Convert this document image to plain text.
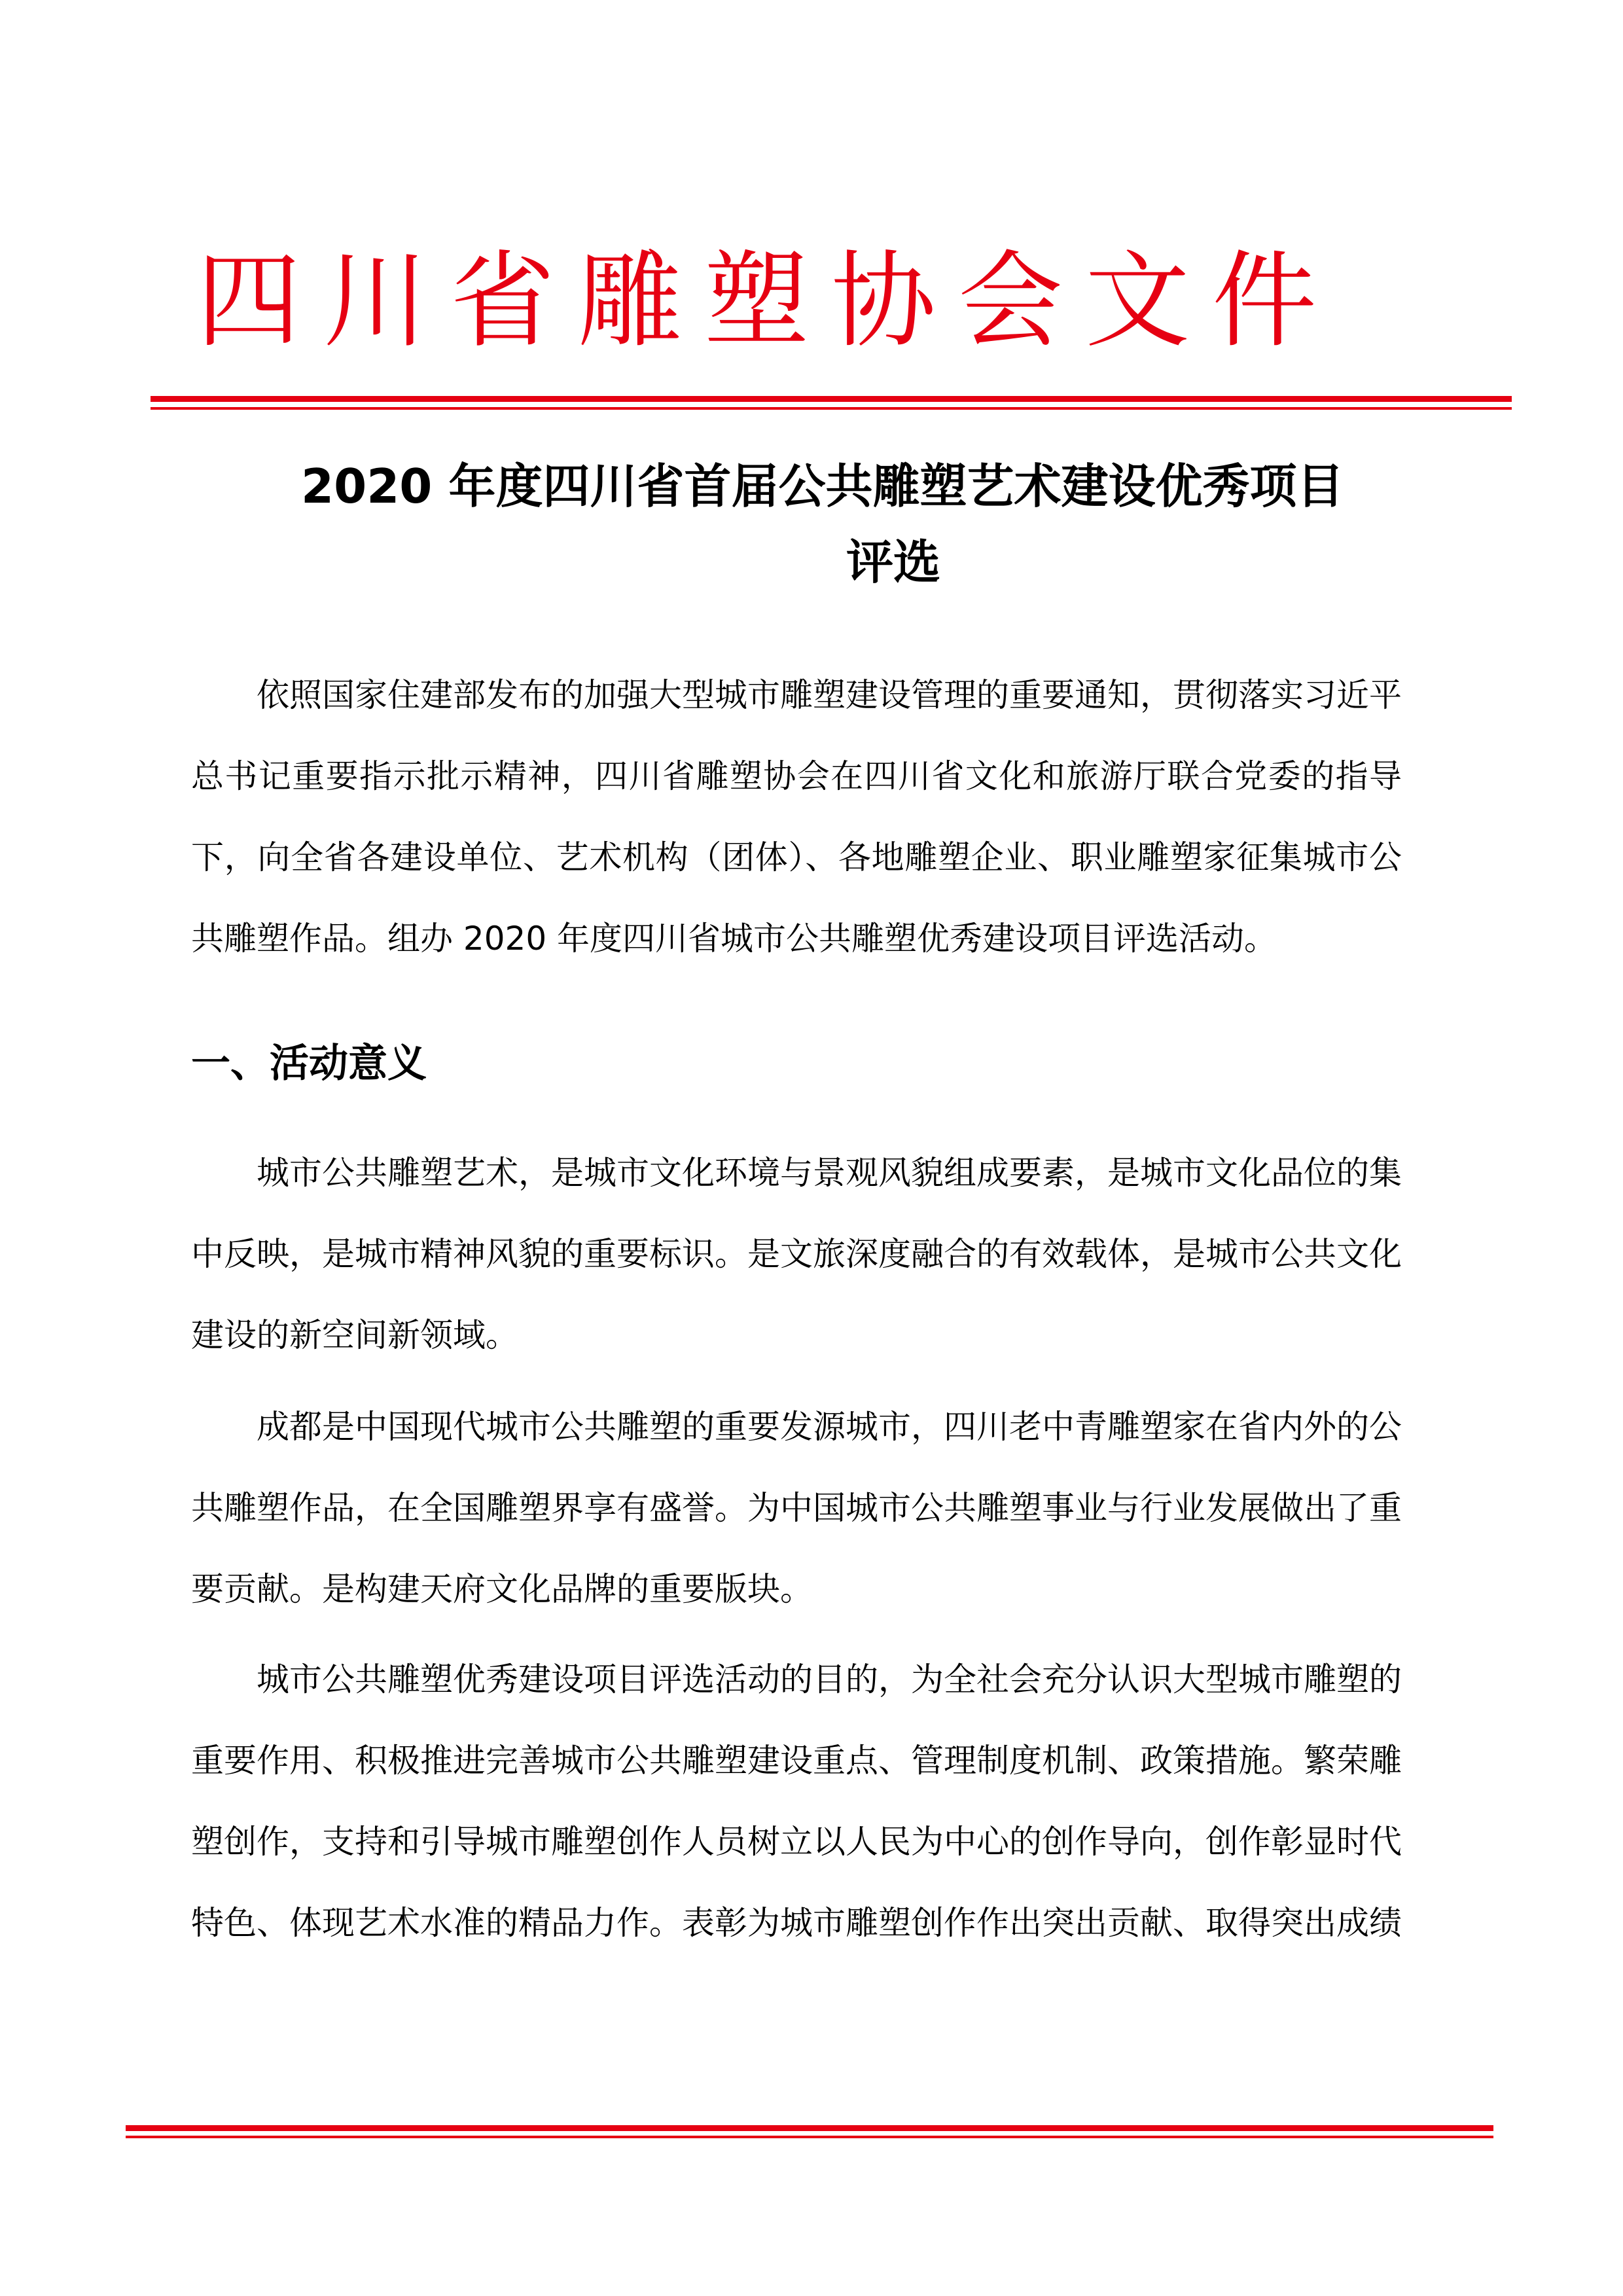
四川省雕塑协会文件
2020 年度四川省首届公共雕塑艺术建设优秀项目
评选

依照国家住建部发布的加强大型城市雕塑建设管理的重要通知，贯彻落实习近平总书记重要指示批示精神，四川省雕塑协会在四川省文化和旅游厅联合党委的指导下，向全省各建设单位、艺术机构（团体）、各地雕塑企业、职业雕塑家征集城市公共雕塑作品。组办 2020 年度四川省城市公共雕塑优秀建设项目评选活动。

一、活动意义

城市公共雕塑艺术，是城市文化环境与景观风貌组成要素，是城市文化品位的集中反映，是城市精神风貌的重要标识。是文旅深度融合的有效载体，是城市公共文化建设的新空间新领域。

成都是中国现代城市公共雕塑的重要发源城市，四川老中青雕塑家在省内外的公共雕塑作品，在全国雕塑界享有盛誉。为中国城市公共雕塑事业与行业发展做出了重要贡献。是构建天府文化品牌的重要版块。

城市公共雕塑优秀建设项目评选活动的目的，为全社会充分认识大型城市雕塑的重要作用、积极推进完善城市公共雕塑建设重点、管理制度机制、政策措施。繁荣雕塑创作，支持和引导城市雕塑创作人员树立以人民为中心的创作导向，创作彰显时代特色、体现艺术水准的精品力作。表彰为城市雕塑创作作出突出贡献、取得突出成绩
